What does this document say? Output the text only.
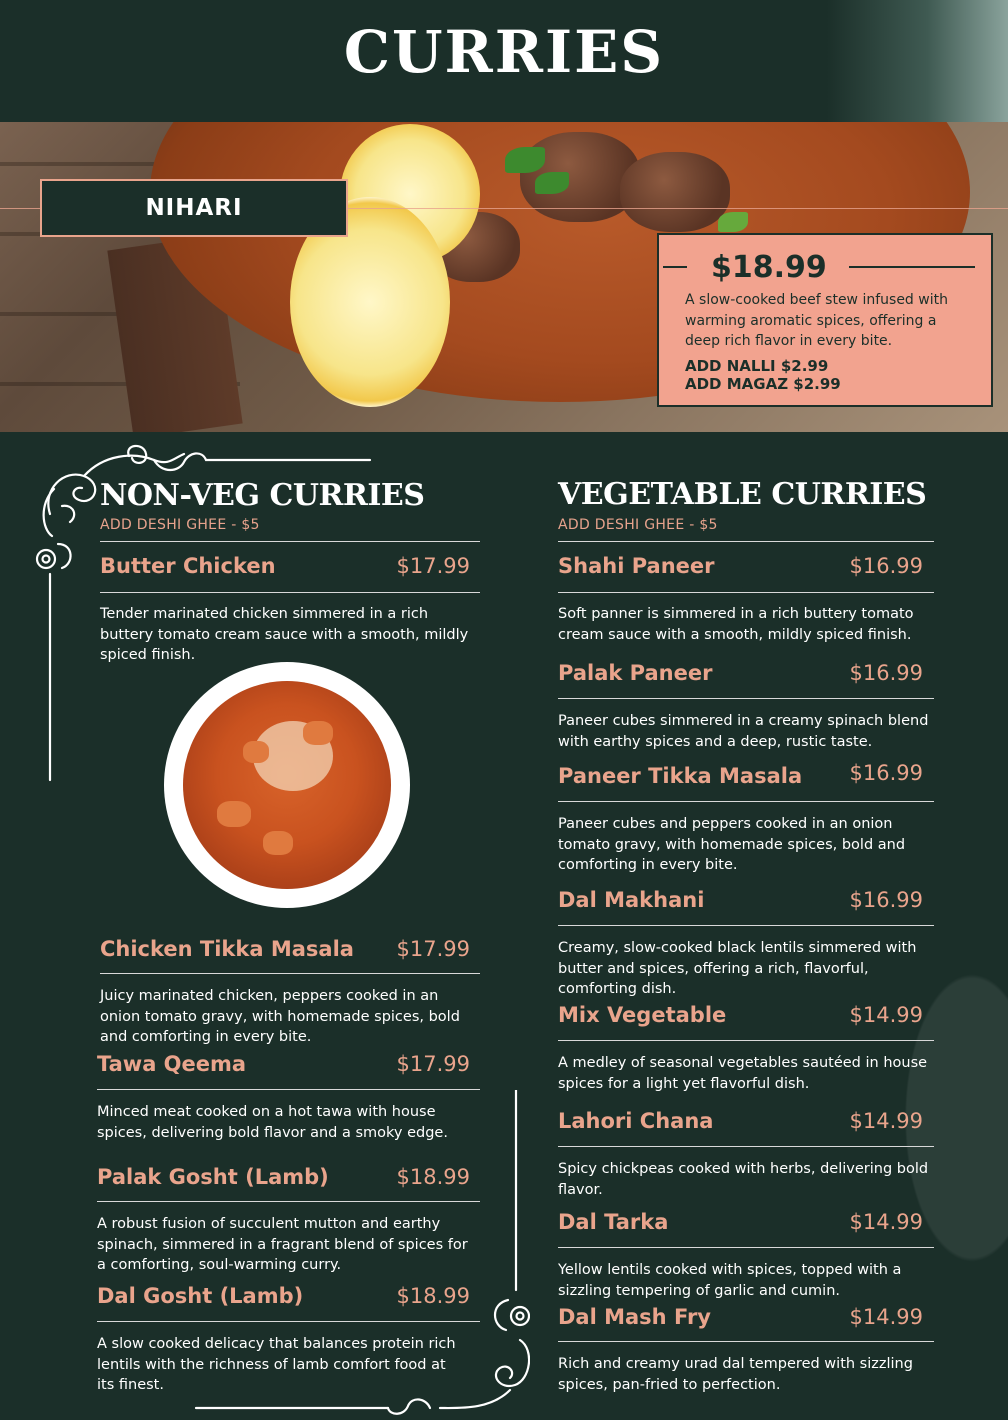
CURRIES
NIHARI
$18.99
A slow-cooked beef stew infused with warming aromatic spices, offering a deep rich flavor in every bite.
ADD NALLI $2.99
ADD MAGAZ $2.99
NON-VEG CURRIES
ADD DESHI GHEE - $5
Butter Chicken	$17.99
Tender marinated chicken simmered in a rich buttery tomato cream sauce with a smooth, mildly spiced finish.
Chicken Tikka Masala	$17.99
Juicy marinated chicken, peppers cooked in an onion tomato gravy, with homemade spices, bold and comforting in every bite.
Tawa Qeema	$17.99
Minced meat cooked on a hot tawa with house spices, delivering bold flavor and a smoky edge.
Palak Gosht (Lamb)	$18.99
A robust fusion of succulent mutton and earthy spinach, simmered in a fragrant blend of spices for a comforting, soul-warming curry.
Dal Gosht (Lamb)	$18.99
A slow cooked delicacy that balances protein rich lentils with the richness of lamb comfort food at its finest.
VEGETABLE CURRIES
ADD DESHI GHEE - $5
Shahi Paneer	$16.99
Soft panner is simmered in a rich buttery tomato cream sauce with a smooth, mildly spiced finish.
Palak Paneer	$16.99
Paneer cubes simmered in a creamy spinach blend with earthy spices and a deep, rustic taste.
Paneer Tikka Masala	$16.99
Paneer cubes and peppers cooked in an onion tomato gravy, with homemade spices, bold and comforting in every bite.
Dal Makhani	$16.99
Creamy, slow-cooked black lentils simmered with butter and spices, offering a rich, flavorful, comforting dish.
Mix Vegetable	$14.99
A medley of seasonal vegetables sautéed in house spices for a light yet flavorful dish.
Lahori Chana	$14.99
Spicy chickpeas cooked with herbs, delivering bold flavor.
Dal Tarka	$14.99
Yellow lentils cooked with spices, topped with a sizzling tempering of garlic and cumin.
Dal Mash Fry	$14.99
Rich and creamy urad dal tempered with sizzling spices, pan-fried to perfection.
